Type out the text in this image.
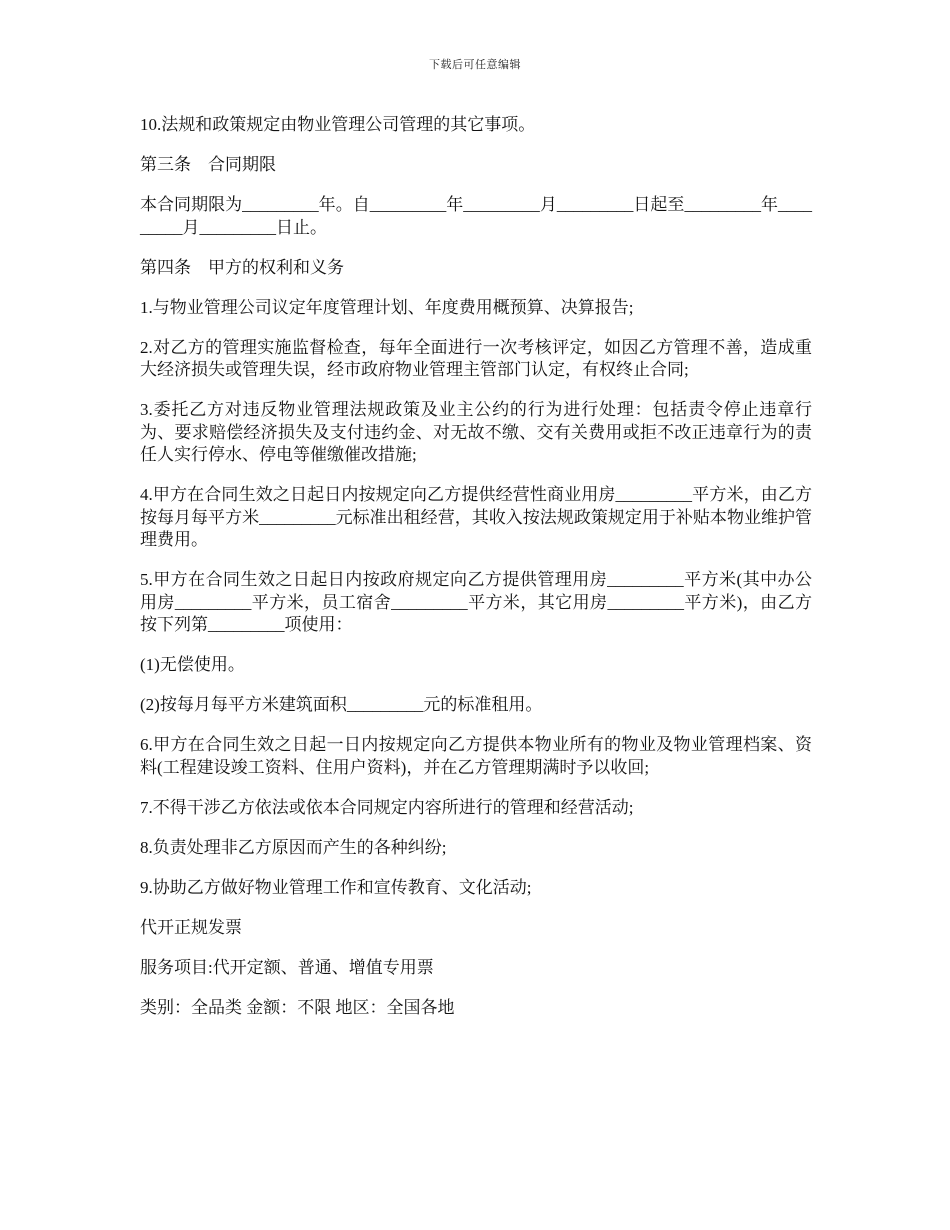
下载后可任意编辑

10.法规和政策规定由物业管理公司管理的其它事项。

第三条　合同期限

本合同期限为_________年。自_________年_________月_________日起至_________年_________月_________日止。

第四条　甲方的权利和义务

1.与物业管理公司议定年度管理计划、年度费用概预算、决算报告;

2.对乙方的管理实施监督检查，每年全面进行一次考核评定，如因乙方管理不善，造成重大经济损失或管理失误，经市政府物业管理主管部门认定，有权终止合同;

3.委托乙方对违反物业管理法规政策及业主公约的行为进行处理：包括责令停止违章行为、要求赔偿经济损失及支付违约金、对无故不缴、交有关费用或拒不改正违章行为的责任人实行停水、停电等催缴催改措施;

4.甲方在合同生效之日起日内按规定向乙方提供经营性商业用房_________平方米，由乙方按每月每平方米_________元标准出租经营，其收入按法规政策规定用于补贴本物业维护管理费用。

5.甲方在合同生效之日起日内按政府规定向乙方提供管理用房_________平方米(其中办公用房_________平方米，员工宿舍_________平方米，其它用房_________平方米)，由乙方按下列第_________项使用：

(1)无偿使用。

(2)按每月每平方米建筑面积_________元的标准租用。

6.甲方在合同生效之日起一日内按规定向乙方提供本物业所有的物业及物业管理档案、资料(工程建设竣工资料、住用户资料)，并在乙方管理期满时予以收回;

7.不得干涉乙方依法或依本合同规定内容所进行的管理和经营活动;

8.负责处理非乙方原因而产生的各种纠纷;

9.协助乙方做好物业管理工作和宣传教育、文化活动;

代开正规发票

服务项目:代开定额、普通、增值专用票

类别：全品类 金额：不限 地区：全国各地
